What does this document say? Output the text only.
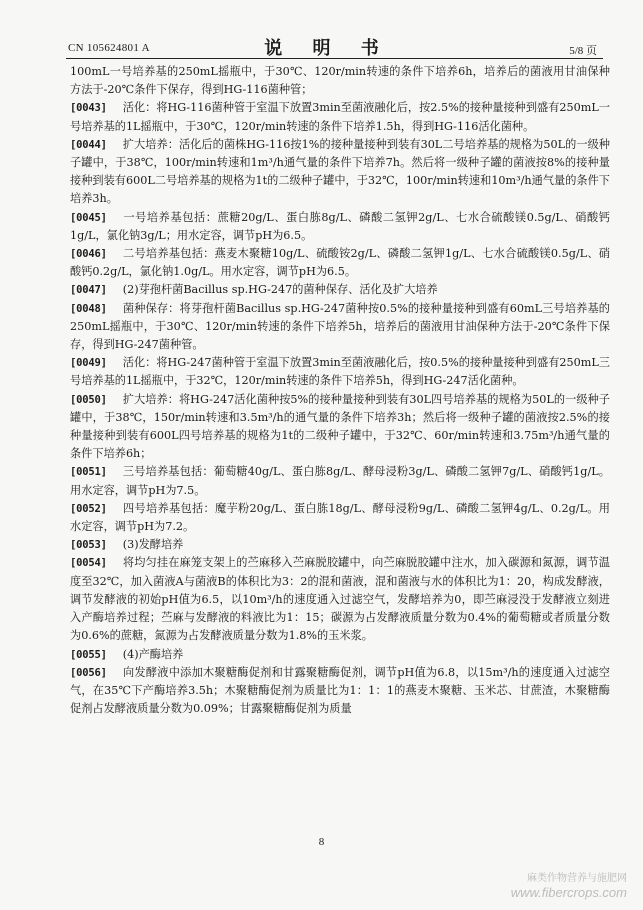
CN 105624801 A	说 明 书	5/8 页

100mL一号培养基的250mL摇瓶中，于30℃、120r/min转速的条件下培养6h，培养后的菌液用甘油保种方法于-20℃条件下保存，得到HG-116菌种管；

[0043] 活化：将HG-116菌种管于室温下放置3min至菌液融化后，按2.5%的接种量接种到盛有250mL一号培养基的1L摇瓶中，于30℃，120r/min转速的条件下培养1.5h，得到HG-116活化菌种。

[0044] 扩大培养：活化后的菌株HG-116按1%的接种量接种到装有30L二号培养基的规格为50L的一级种子罐中，于38℃，100r/min转速和1m³/h通气量的条件下培养7h。然后将一级种子罐的菌液按8%的接种量接种到装有600L二号培养基的规格为1t的二级种子罐中，于32℃，100r/min转速和10m³/h通气量的条件下培养3h。

[0045] 一号培养基包括：蔗糖20g/L、蛋白胨8g/L、磷酸二氢钾2g/L、七水合硫酸镁0.5g/L、硝酸钙1g/L，氯化钠3g/L；用水定容，调节pH为6.5。

[0046] 二号培养基包括：燕麦木聚糖10g/L、硫酸铵2g/L、磷酸二氢钾1g/L、七水合硫酸镁0.5g/L、硝酸钙0.2g/L，氯化钠1.0g/L。用水定容，调节pH为6.5。

[0047] (2)芽孢杆菌Bacillus sp.HG-247的菌种保存、活化及扩大培养

[0048] 菌种保存：将芽孢杆菌Bacillus sp.HG-247菌种按0.5%的接种量接种到盛有60mL三号培养基的250mL摇瓶中，于30℃、120r/min转速的条件下培养5h，培养后的菌液用甘油保种方法于-20℃条件下保存，得到HG-247菌种管。

[0049] 活化：将HG-247菌种管于室温下放置3min至菌液融化后，按0.5%的接种量接种到盛有250mL三号培养基的1L摇瓶中，于32℃，120r/min转速的条件下培养5h，得到HG-247活化菌种。

[0050] 扩大培养：将HG-247活化菌种按5%的接种量接种到装有30L四号培养基的规格为50L的一级种子罐中，于38℃，150r/min转速和3.5m³/h的通气量的条件下培养3h；然后将一级种子罐的菌液按2.5%的接种量接种到装有600L四号培养基的规格为1t的二级种子罐中，于32℃、60r/min转速和3.75m³/h通气量的条件下培养6h；

[0051] 三号培养基包括：葡萄糖40g/L、蛋白胨8g/L、酵母浸粉3g/L、磷酸二氢钾7g/L、硝酸钙1g/L。用水定容，调节pH为7.5。

[0052] 四号培养基包括：魔芋粉20g/L、蛋白胨18g/L、酵母浸粉9g/L、磷酸二氢钾4g/L、0.2g/L。用水定容，调节pH为7.2。

[0053] (3)发酵培养

[0054] 将均匀挂在麻笼支架上的苎麻移入苎麻脱胶罐中，向苎麻脱胶罐中注水，加入碳源和氮源，调节温度至32℃，加入菌液A与菌液B的体积比为3：2的混和菌液，混和菌液与水的体积比为1：20，构成发酵液，调节发酵液的初始pH值为6.5，以10m³/h的速度通入过滤空气，发酵培养为0，即苎麻浸没于发酵液立刻进入产酶培养过程；苎麻与发酵液的料液比为1：15；碳源为占发酵液质量分数为0.4%的葡萄糖或者质量分数为0.6%的蔗糖，氮源为占发酵液质量分数为1.8%的玉米浆。

[0055] (4)产酶培养

[0056] 向发酵液中添加木聚糖酶促剂和甘露聚糖酶促剂，调节pH值为6.8，以15m³/h的速度通入过滤空气，在35℃下产酶培养3.5h；木聚糖酶促剂为质量比为1：1：1的燕麦木聚糖、玉米芯、甘蔗渣，木聚糖酶促剂占发酵液质量分数为0.09%；甘露聚糖酶促剂为质量

8
麻类作物营养与施肥网
www.fibercrops.com
